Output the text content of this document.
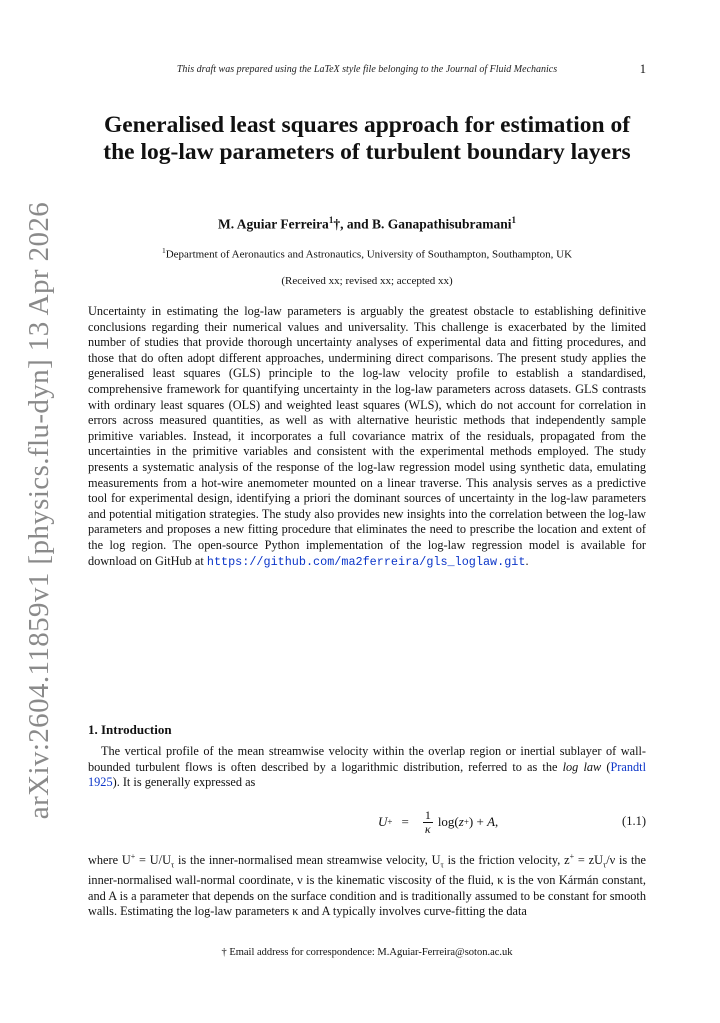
arXiv:2604.11859v1 [physics.flu-dyn] 13 Apr 2026
This draft was prepared using the LaTeX style file belonging to the Journal of Fluid Mechanics	1
Generalised least squares approach for estimation of the log-law parameters of turbulent boundary layers
M. Aguiar Ferreira$^1$†, and B. Ganapathisubramani$^1$
$^1$Department of Aeronautics and Astronautics, University of Southampton, Southampton, UK
(Received xx; revised xx; accepted xx)

Uncertainty in estimating the log-law parameters is arguably the greatest obstacle to establishing definitive conclusions regarding their numerical values and universality. This challenge is exacerbated by the limited number of studies that provide thorough uncertainty analyses of experimental data and fitting procedures, and those that do often adopt different approaches, undermining direct comparisons. The present study applies the generalised least squares (GLS) principle to the log-law velocity profile to establish a standardised, comprehensive framework for quantifying uncertainty in the log-law parameters across datasets. GLS contrasts with ordinary least squares (OLS) and weighted least squares (WLS), which do not account for correlation in errors across measured quantities, as well as with alternative heuristic methods that independently sample primitive variables. Instead, it incorporates a full covariance matrix of the residuals, propagated from the uncertainties in the primitive variables and consistent with the experimental methods employed. The study presents a systematic analysis of the response of the log-law regression model using synthetic data, emulating measurements from a hot-wire anemometer mounted on a linear traverse. This analysis serves as a predictive tool for experimental design, identifying a priori the dominant sources of uncertainty in the log-law parameters and potential mitigation strategies. The study also provides new insights into the correlation between the log-law parameters and proposes a new fitting procedure that eliminates the need to prescribe the location and extent of the log region. The open-source Python implementation of the log-law regression model is available for download on GitHub at https://github.com/ma2ferreira/gls_loglaw.git.

1. Introduction

The vertical profile of the mean streamwise velocity within the overlap region or inertial sublayer of wall-bounded turbulent flows is often described by a logarithmic distribution, referred to as the log law (Prandtl 1925). It is generally expressed as

U + = $\frac{1}{\kappa} \log$( z + ) + A ,	(1.1)

where $U^+ = U/U_\tau$ is the inner-normalised mean streamwise velocity, $U_\tau$ is the friction velocity, $z^+ = zU_\tau/\nu$ is the inner-normalised wall-normal coordinate, ν is the kinematic viscosity of the fluid, κ is the von Kármán constant, and A is a parameter that depends on the surface condition and is traditionally assumed to be constant for smooth walls. Estimating the log-law parameters κ and A typically involves curve-fitting the data

† Email address for correspondence: M.Aguiar-Ferreira@soton.ac.uk
